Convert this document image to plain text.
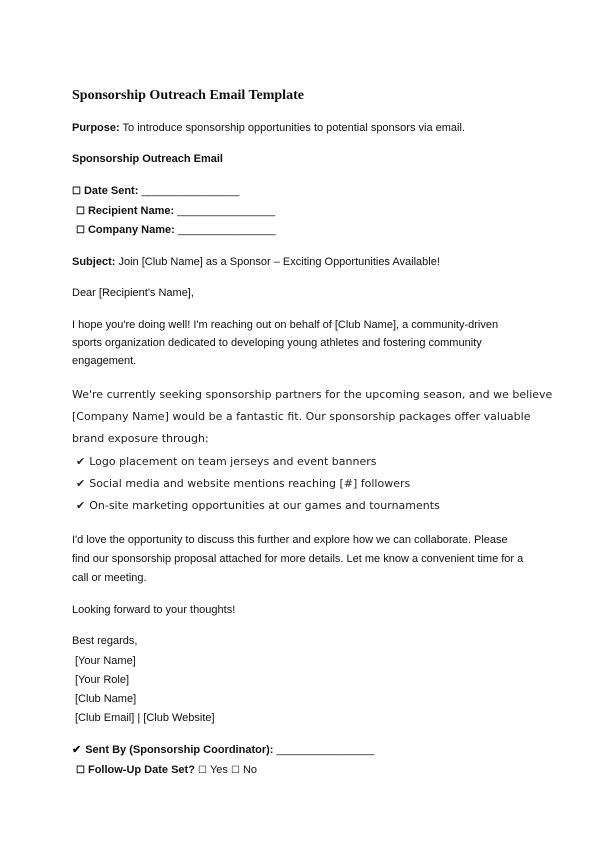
Sponsorship Outreach Email Template
Purpose: To introduce sponsorship opportunities to potential sponsors via email.
Sponsorship Outreach Email
☐ Date Sent: ________________
☐ Recipient Name: ________________
☐ Company Name: ________________
Subject: Join [Club Name] as a Sponsor – Exciting Opportunities Available!
Dear [Recipient's Name],
I hope you're doing well! I'm reaching out on behalf of [Club Name], a community-driven
sports organization dedicated to developing young athletes and fostering community
engagement.
We're currently seeking sponsorship partners for the upcoming season, and we believe
[Company Name] would be a fantastic fit. Our sponsorship packages offer valuable
brand exposure through:
✔ Logo placement on team jerseys and event banners
✔ Social media and website mentions reaching [#] followers
✔ On-site marketing opportunities at our games and tournaments
I'd love the opportunity to discuss this further and explore how we can collaborate. Please
find our sponsorship proposal attached for more details. Let me know a convenient time for a
call or meeting.
Looking forward to your thoughts!
Best regards,
[Your Name]
[Your Role]
[Club Name]
[Club Email] | [Club Website]
✔ Sent By (Sponsorship Coordinator): ________________
☐ Follow-Up Date Set? ☐ Yes ☐ No
